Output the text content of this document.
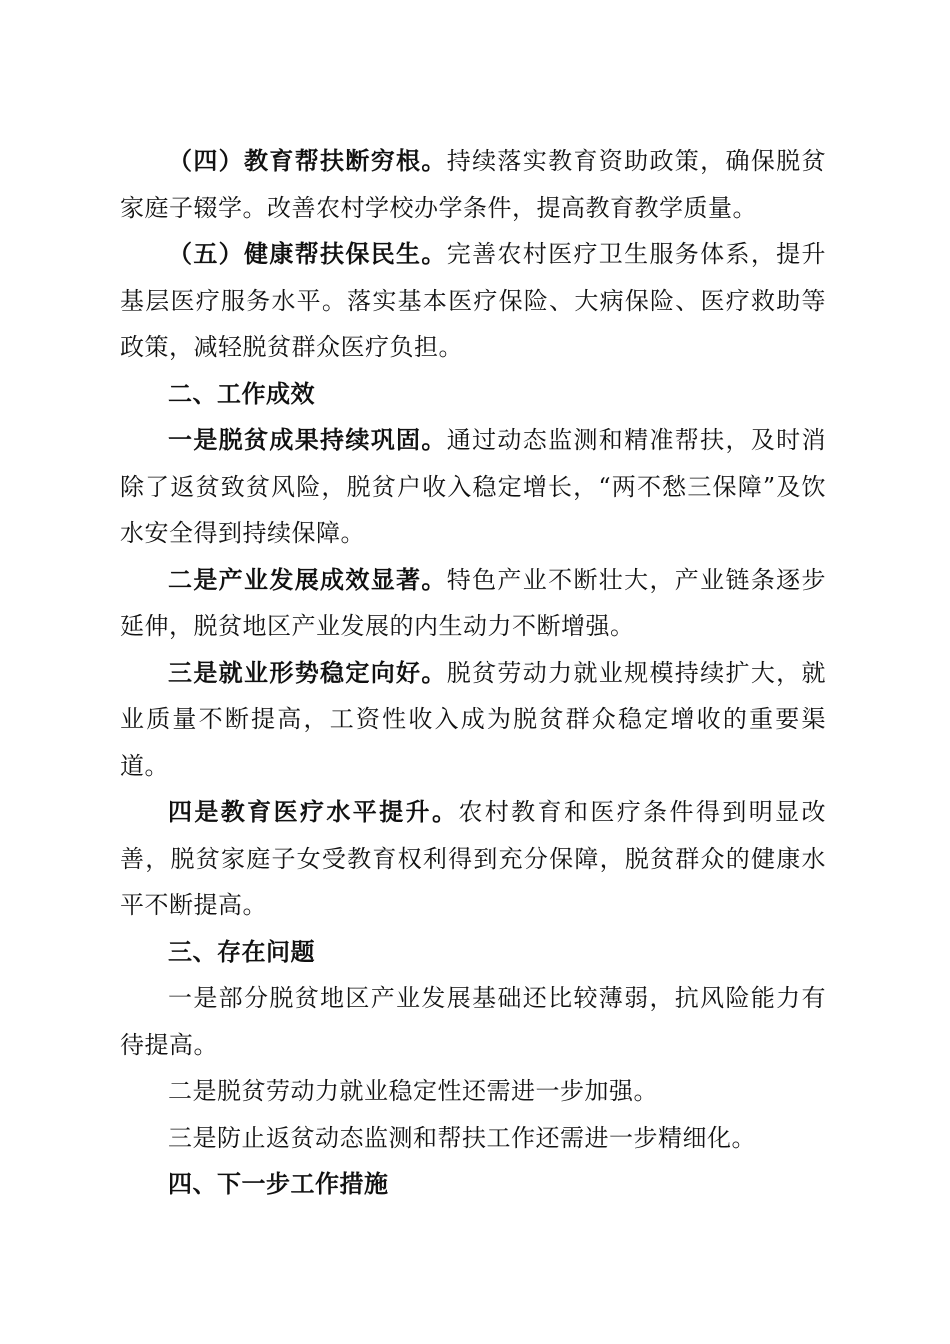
（四）教育帮扶断穷根。持续落实教育资助政策，确保脱贫家庭子辍学。改善农村学校办学条件，提高教育教学质量。

（五）健康帮扶保民生。完善农村医疗卫生服务体系，提升基层医疗服务水平。落实基本医疗保险、大病保险、医疗救助等政策，减轻脱贫群众医疗负担。

二、工作成效

一是脱贫成果持续巩固。通过动态监测和精准帮扶，及时消除了返贫致贫风险，脱贫户收入稳定增长，“两不愁三保障”及饮水安全得到持续保障。

二是产业发展成效显著。特色产业不断壮大，产业链条逐步延伸，脱贫地区产业发展的内生动力不断增强。

三是就业形势稳定向好。脱贫劳动力就业规模持续扩大，就业质量不断提高，工资性收入成为脱贫群众稳定增收的重要渠道。

四是教育医疗水平提升。农村教育和医疗条件得到明显改善，脱贫家庭子女受教育权利得到充分保障，脱贫群众的健康水平不断提高。

三、存在问题

一是部分脱贫地区产业发展基础还比较薄弱，抗风险能力有待提高。

二是脱贫劳动力就业稳定性还需进一步加强。

三是防止返贫动态监测和帮扶工作还需进一步精细化。

四、下一步工作措施
